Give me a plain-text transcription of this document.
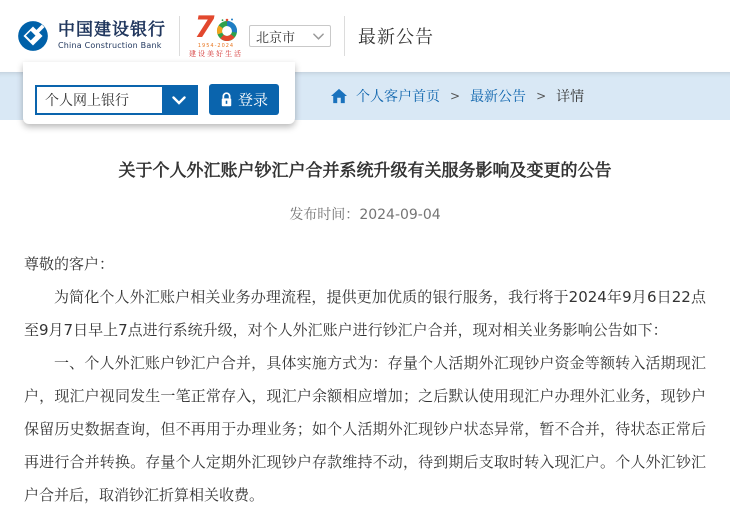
中国建设银行
China Construction Bank
7
1954-2024
建设美好生活
北京市	最新公告
个人客户首页 > 最新公告 > 详情
个人网上银行	登录
关于个人外汇账户钞汇户合并系统升级有关服务影响及变更的公告
发布时间：2024-09-04

尊敬的客户：

为简化个人外汇账户相关业务办理流程，提供更加优质的银行服务，我行将于2024年9月6日22点至9月7日早上7点进行系统升级，对个人外汇账户进行钞汇户合并，现对相关业务影响公告如下：

一、个人外汇账户钞汇户合并，具体实施方式为：存量个人活期外汇现钞户资金等额转入活期现汇户，现汇户视同发生一笔正常存入，现汇户余额相应增加；之后默认使用现汇户办理外汇业务，现钞户保留历史数据查询，但不再用于办理业务；如个人活期外汇现钞户状态异常，暂不合并，待状态正常后再进行合并转换。存量个人定期外汇现钞户存款维持不动，待到期后支取时转入现汇户。个人外汇钞汇户合并后，取消钞汇折算相关收费。
